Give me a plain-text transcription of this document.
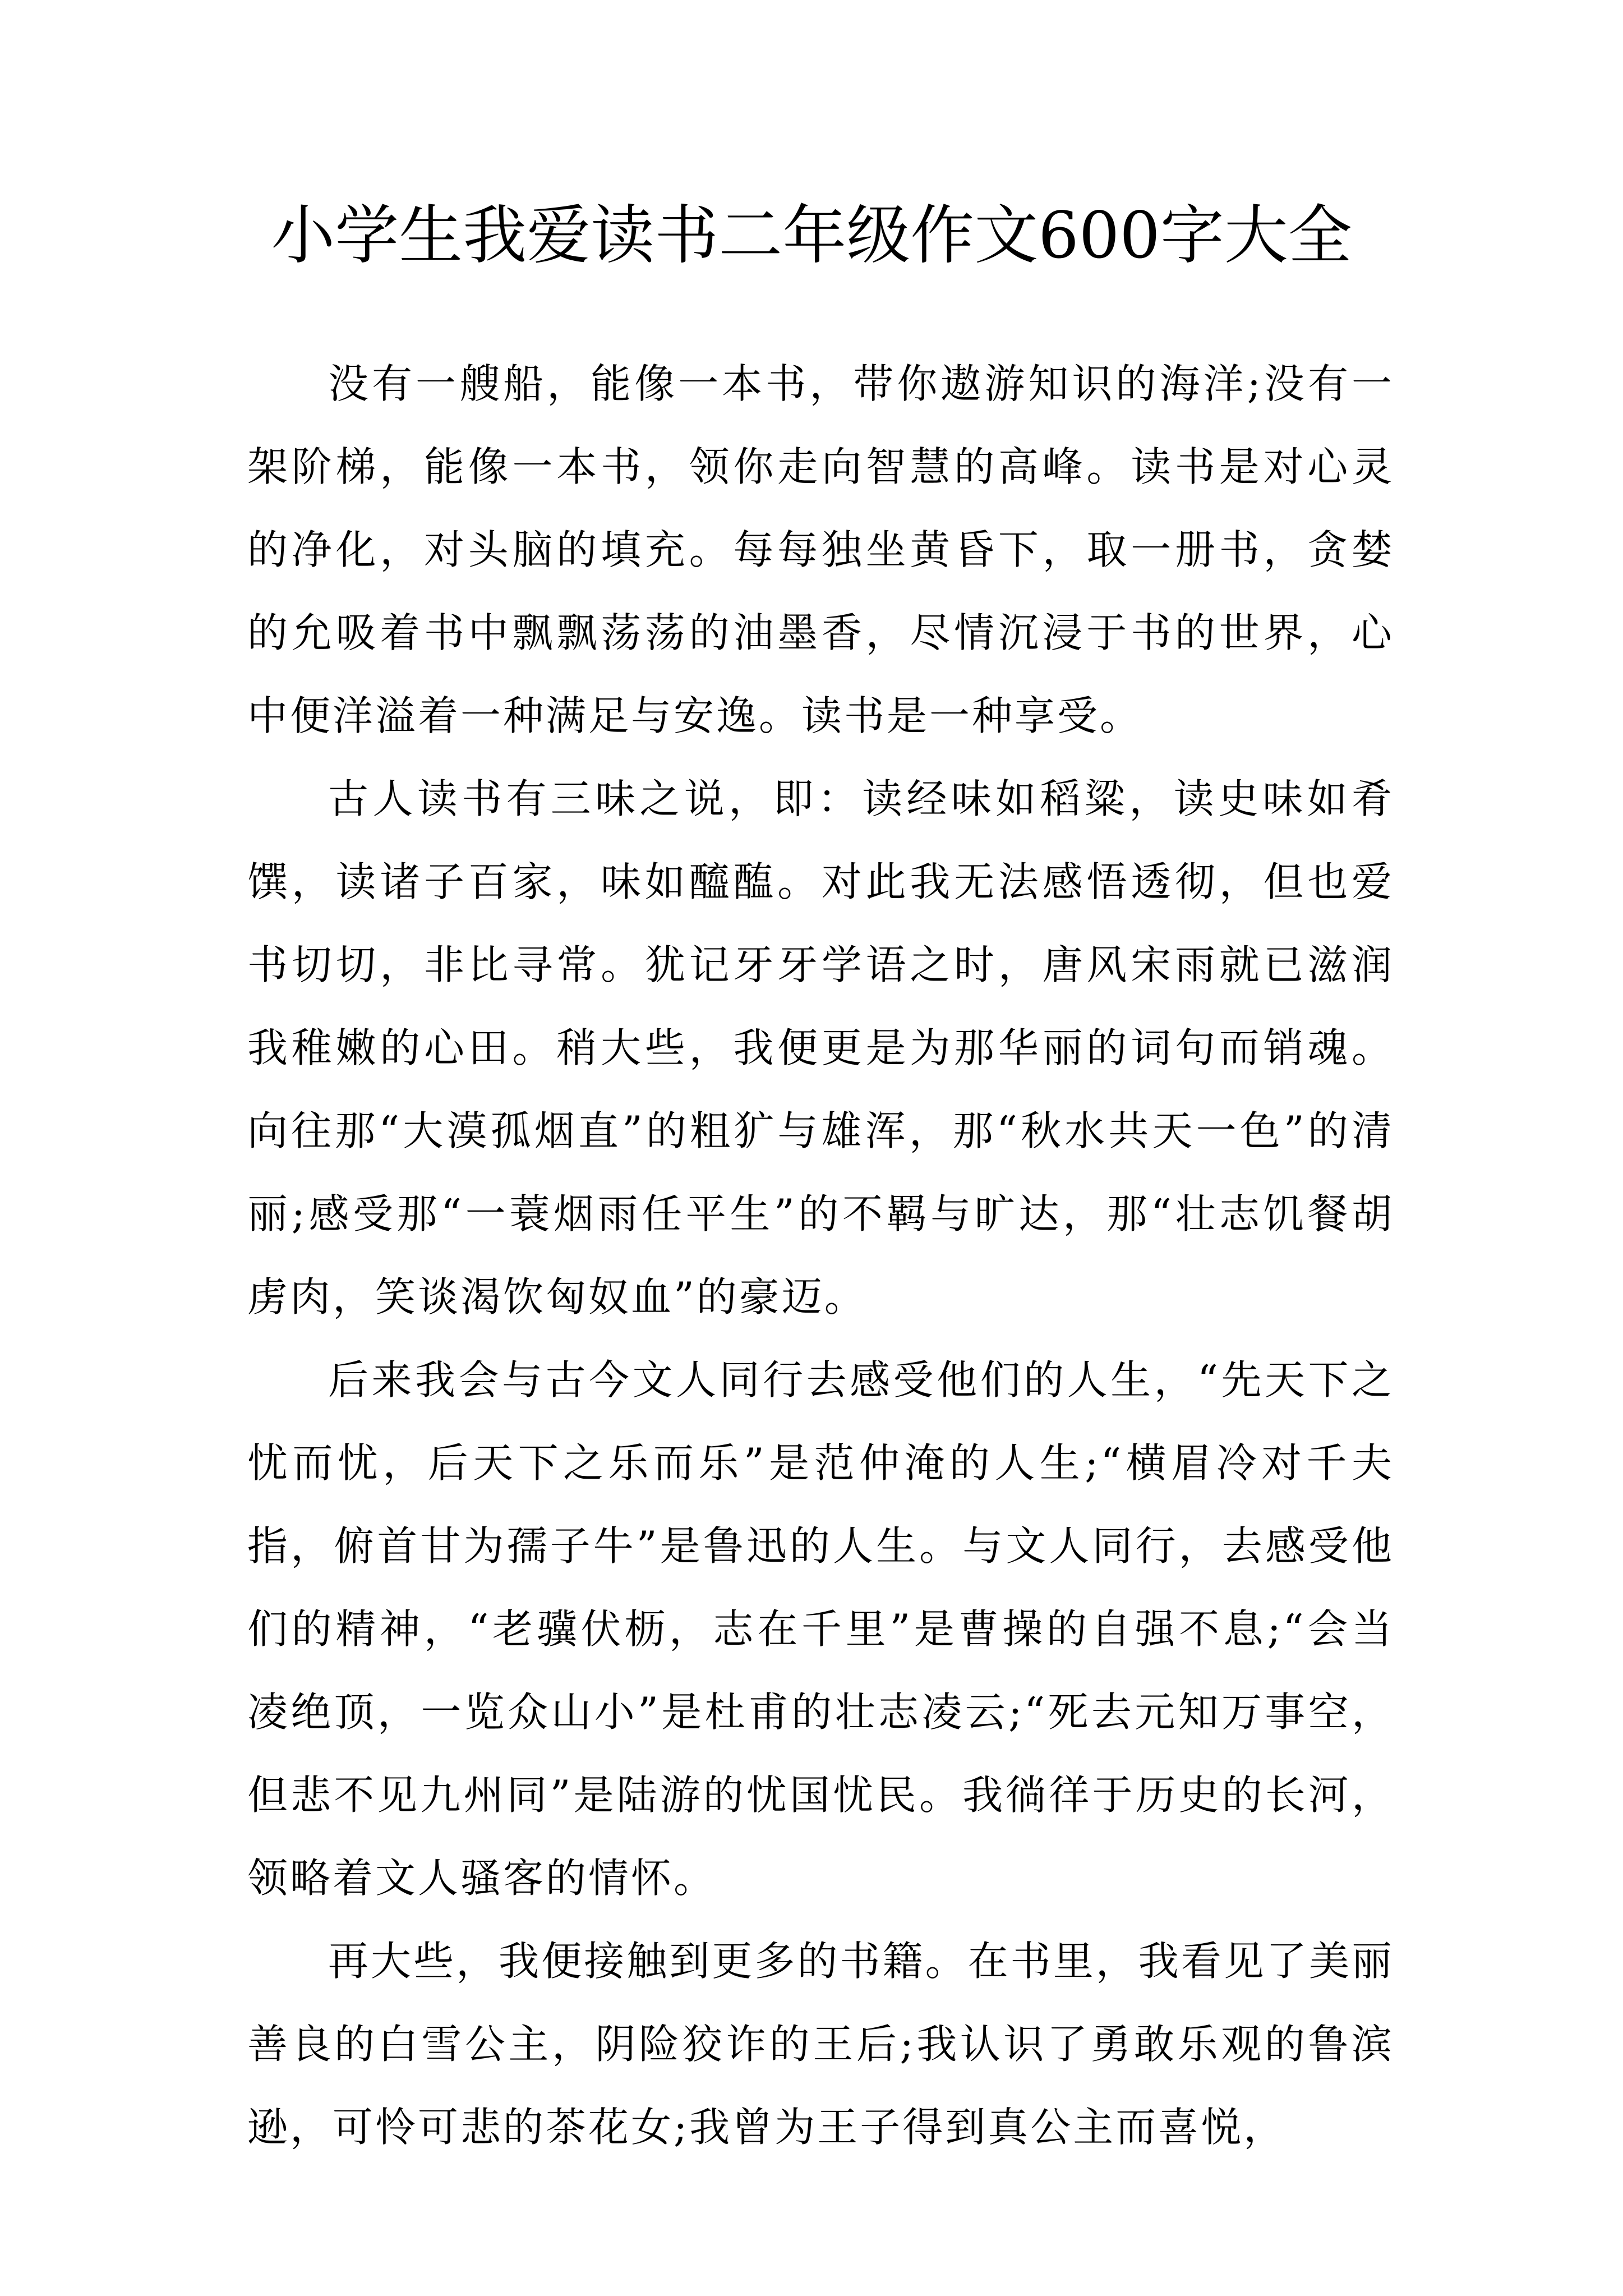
小学生我爱读书二年级作文600字大全

没有一艘船，能像一本书，带你遨游知识的海洋;没有一架阶梯，能像一本书，领你走向智慧的高峰。读书是对心灵的净化，对头脑的填充。每每独坐黄昏下，取一册书，贪婪的允吸着书中飘飘荡荡的油墨香，尽情沉浸于书的世界，心中便洋溢着一种满足与安逸。读书是一种享受。

古人读书有三味之说，即：读经味如稻粱，读史味如肴馔，读诸子百家，味如醯醢。对此我无法感悟透彻，但也爱书切切，非比寻常。犹记牙牙学语之时，唐风宋雨就已滋润我稚嫩的心田。稍大些，我便更是为那华丽的词句而销魂。向往那“大漠孤烟直”的粗犷与雄浑，那“秋水共天一色”的清丽;感受那“一蓑烟雨任平生”的不羁与旷达，那“壮志饥餐胡虏肉，笑谈渴饮匈奴血”的豪迈。

后来我会与古今文人同行去感受他们的人生，“先天下之忧而忧，后天下之乐而乐”是范仲淹的人生;“横眉冷对千夫指，俯首甘为孺子牛”是鲁迅的人生。与文人同行，去感受他们的精神，“老骥伏枥，志在千里”是曹操的自强不息;“会当凌绝顶，一览众山小”是杜甫的壮志凌云;“死去元知万事空，但悲不见九州同”是陆游的忧国忧民。我徜徉于历史的长河，领略着文人骚客的情怀。

再大些，我便接触到更多的书籍。在书里，我看见了美丽善良的白雪公主，阴险狡诈的王后;我认识了勇敢乐观的鲁滨逊，可怜可悲的茶花女;我曾为王子得到真公主而喜悦，
